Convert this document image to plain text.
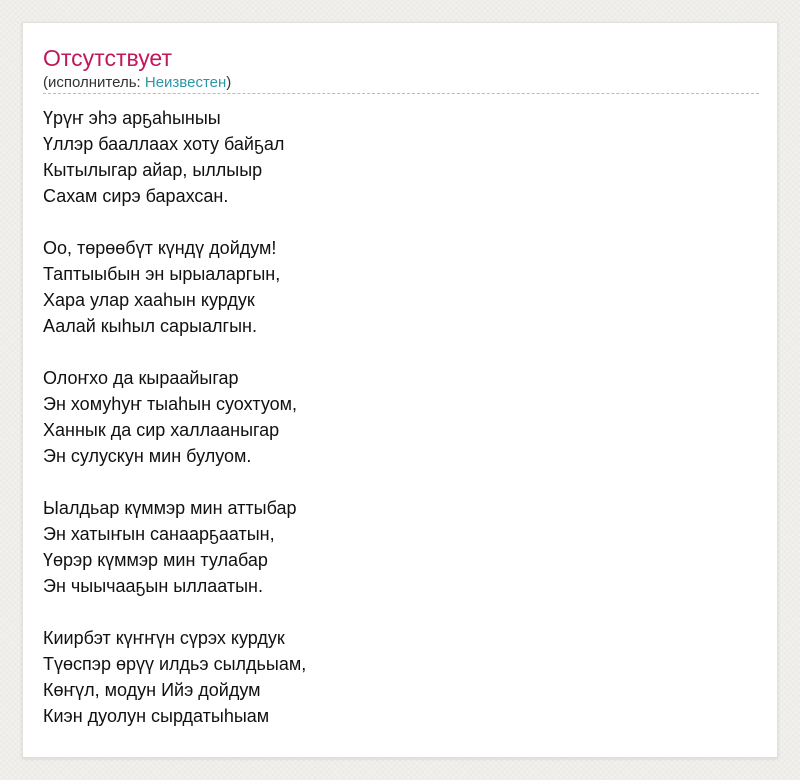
Отсутствует
(исполнитель: Неизвестен)
Үрүҥ эһэ арҕаһыныы
Үллэр бааллаах хоту байҕал
Кытылыгар айар, ыллыыр
Сахам сирэ барахсан.
Оо, төрөөбүт күндү дойдум!
Таптыыбын эн ырыаларгын,
Хара улар хааһын курдук
Аалай кыһыл сарыалгын.
Олоҥхо да кыраайыгар
Эн хомуһуҥ тыаһын суохтуом,
Ханнык да сир халлааныгар
Эн сулускун мин булуом.
Ыалдьар күммэр мин аттыбар
Эн хатыҥын санаарҕаатын,
Үөрэр күммэр мин тулабар
Эн чыычааҕын ыллаатын.
Киирбэт күҥҥүн сүрэх курдук
Түөспэр өрүү илдьэ сылдьыам,
Көҥүл, модун Ийэ дойдум
Киэн дуолун сырдатыһыам
